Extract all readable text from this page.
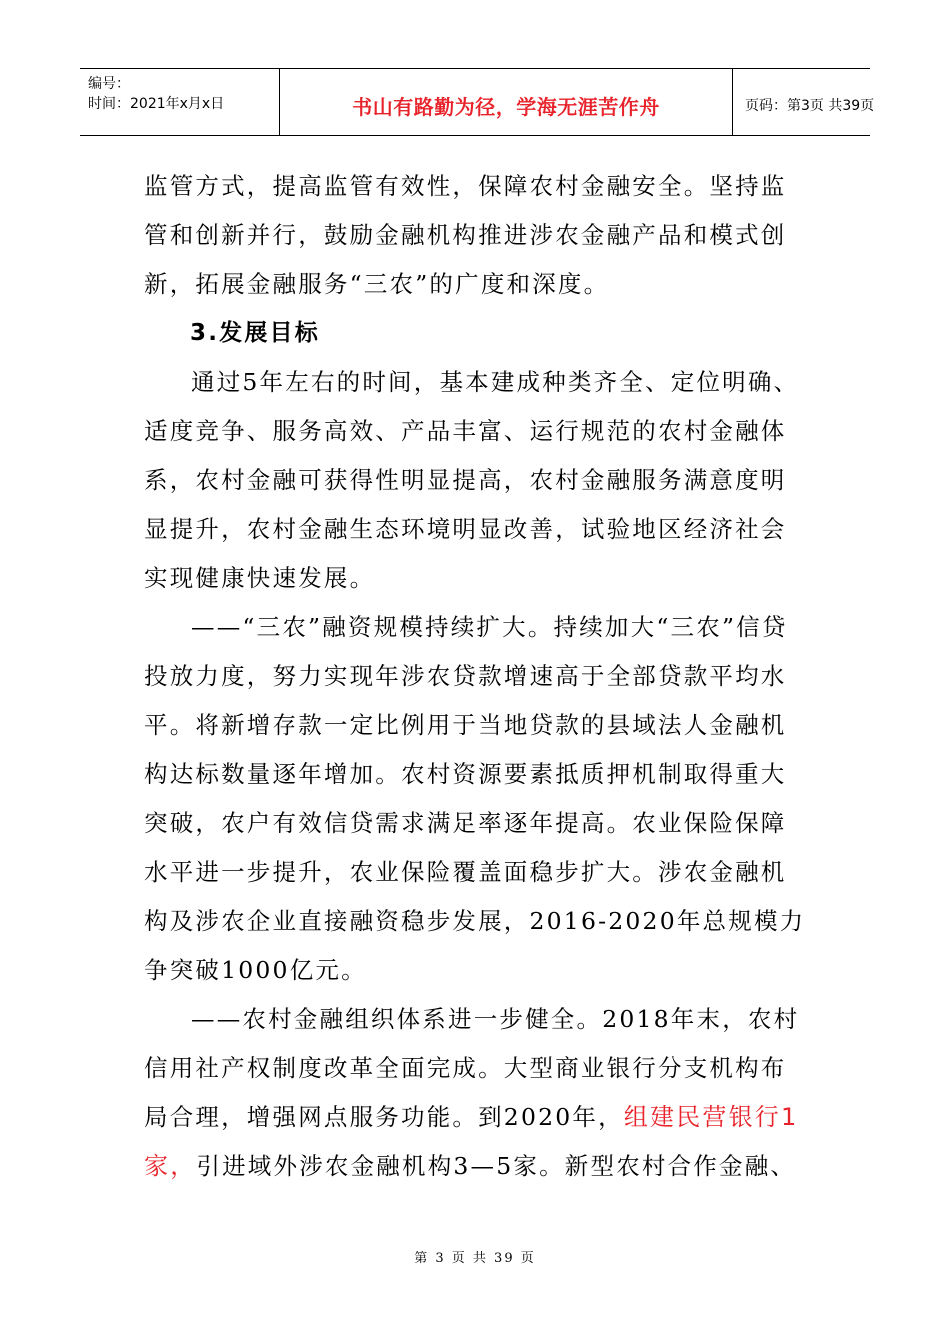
编号：
时间：2021年x月x日	书山有路勤为径，学海无涯苦作舟	页码：第3页 共39页

监管方式，提高监管有效性，保障农村金融安全。坚持监管和创新并行，鼓励金融机构推进涉农金融产品和模式创新，拓展金融服务“三农”的广度和深度。

3.发展目标

通过5年左右的时间，基本建成种类齐全、定位明确、适度竞争、服务高效、产品丰富、运行规范的农村金融体系，农村金融可获得性明显提高，农村金融服务满意度明显提升，农村金融生态环境明显改善，试验地区经济社会实现健康快速发展。

——“三农”融资规模持续扩大。持续加大“三农”信贷投放力度，努力实现年涉农贷款增速高于全部贷款平均水平。将新增存款一定比例用于当地贷款的县域法人金融机构达标数量逐年增加。农村资源要素抵质押机制取得重大突破，农户有效信贷需求满足率逐年提高。农业保险保障水平进一步提升，农业保险覆盖面稳步扩大。涉农金融机构及涉农企业直接融资稳步发展，2016-2020年总规模力争突破1000亿元。

——农村金融组织体系进一步健全。2018年末，农村信用社产权制度改革全面完成。大型商业银行分支机构布局合理，增强网点服务功能。到2020年，组建民营银行1家，引进域外涉农金融机构3—5家。新型农村合作金融、

第 3 页 共 39 页
